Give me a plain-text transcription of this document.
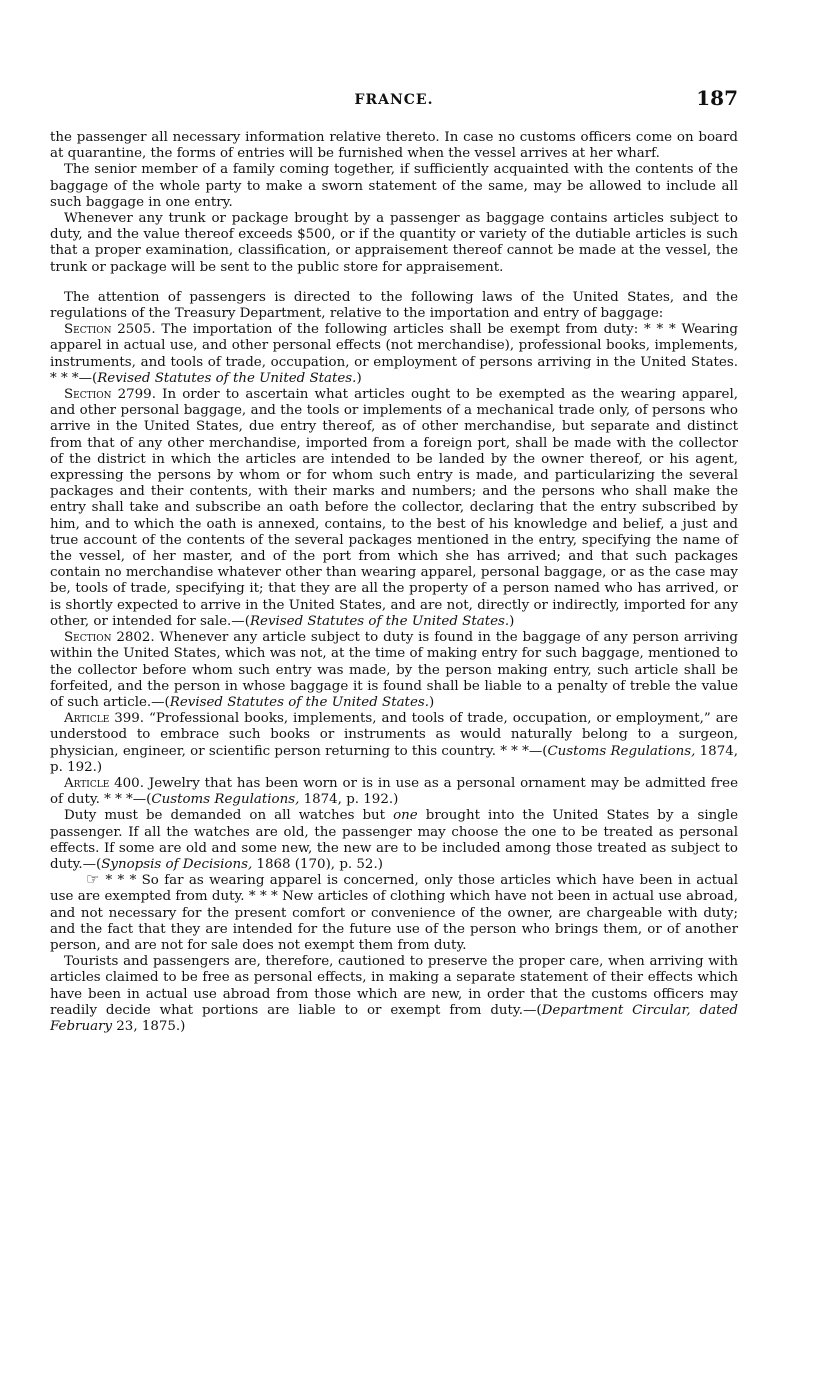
FRANCE.	187

the passenger all necessary information relative thereto. In case no customs officers come on board at quarantine, the forms of entries will be furnished when the vessel arrives at her wharf.

The senior member of a family coming together, if sufficiently acquainted with the contents of the baggage of the whole party to make a sworn statement of the same, may be allowed to include all such baggage in one entry.

Whenever any trunk or package brought by a passenger as baggage contains articles subject to duty, and the value thereof exceeds $500, or if the quantity or variety of the dutiable articles is such that a proper examination, classification, or appraisement thereof cannot be made at the vessel, the trunk or package will be sent to the public store for appraisement.

The attention of passengers is directed to the following laws of the United States, and the regulations of the Treasury Department, relative to the importation and entry of baggage:

Section 2505. The importation of the following articles shall be exempt from duty: * * * Wearing apparel in actual use, and other personal effects (not merchandise), professional books, implements, instruments, and tools of trade, occupation, or employment of persons arriving in the United States. * * *—(Revised Statutes of the United States.)

Section 2799. In order to ascertain what articles ought to be exempted as the wearing apparel, and other personal baggage, and the tools or implements of a mechanical trade only, of persons who arrive in the United States, due entry thereof, as of other merchandise, but separate and distinct from that of any other merchandise, imported from a foreign port, shall be made with the collector of the district in which the articles are intended to be landed by the owner thereof, or his agent, expressing the persons by whom or for whom such entry is made, and particularizing the several packages and their contents, with their marks and numbers; and the persons who shall make the entry shall take and subscribe an oath before the collector, declaring that the entry subscribed by him, and to which the oath is annexed, contains, to the best of his knowledge and belief, a just and true account of the contents of the several packages mentioned in the entry, specifying the name of the vessel, of her master, and of the port from which she has arrived; and that such packages contain no merchandise whatever other than wearing apparel, personal baggage, or as the case may be, tools of trade, specifying it; that they are all the property of a person named who has arrived, or is shortly expected to arrive in the United States, and are not, directly or indirectly, imported for any other, or intended for sale.—(Revised Statutes of the United States.)

Section 2802. Whenever any article subject to duty is found in the baggage of any person arriving within the United States, which was not, at the time of making entry for such baggage, mentioned to the collector before whom such entry was made, by the person making entry, such article shall be forfeited, and the person in whose baggage it is found shall be liable to a penalty of treble the value of such article.—(Revised Statutes of the United States.)

Article 399. “Professional books, implements, and tools of trade, occupation, or employment,” are understood to embrace such books or instruments as would naturally belong to a surgeon, physician, engineer, or scientific person returning to this country. * * *—(Customs Regulations, 1874, p. 192.)

Article 400. Jewelry that has been worn or is in use as a personal ornament may be admitted free of duty. * * *—(Customs Regulations, 1874, p. 192.)

Duty must be demanded on all watches but one brought into the United States by a single passenger. If all the watches are old, the passenger may choose the one to be treated as personal effects. If some are old and some new, the new are to be included among those treated as subject to duty.—(Synopsis of Decisions, 1868 (170), p. 52.)

☞ * * * So far as wearing apparel is concerned, only those articles which have been in actual use are exempted from duty. * * * New articles of clothing which have not been in actual use abroad, and not necessary for the present comfort or convenience of the owner, are chargeable with duty; and the fact that they are intended for the future use of the person who brings them, or of another person, and are not for sale does not exempt them from duty.

Tourists and passengers are, therefore, cautioned to preserve the proper care, when arriving with articles claimed to be free as personal effects, in making a separate statement of their effects which have been in actual use abroad from those which are new, in order that the customs officers may readily decide what portions are liable to or exempt from duty.—(Department Circular, dated February 23, 1875.)
